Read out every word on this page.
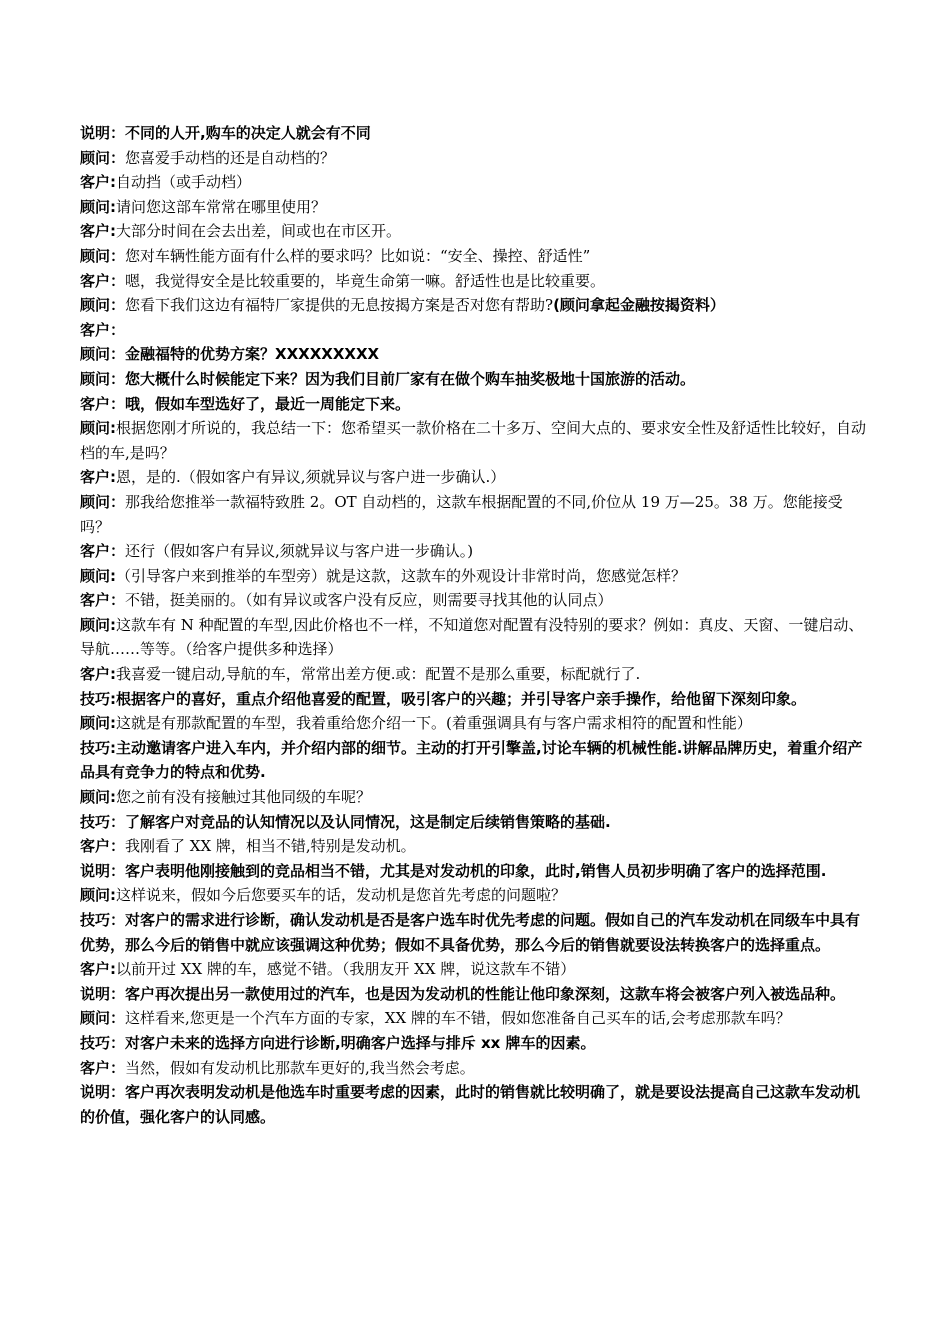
说明：不同的人开,购车的决定人就会有不同
顾问：您喜爱手动档的还是自动档的？
客户:自动挡（或手动档）
顾问:请问您这部车常常在哪里使用？
客户:大部分时间在会去出差，间或也在市区开。
顾问：您对车辆性能方面有什么样的要求吗？比如说：“安全、操控、舒适性”
客户：嗯，我觉得安全是比较重要的，毕竟生命第一嘛。舒适性也是比较重要。
顾问：您看下我们这边有福特厂家提供的无息按揭方案是否对您有帮助?(顾问拿起金融按揭资料）
客户：
顾问：金融福特的优势方案？XXXXXXXXX
顾问：您大概什么时候能定下来？因为我们目前厂家有在做个购车抽奖极地十国旅游的活动。
客户：哦，假如车型选好了，最近一周能定下来。
顾问:根据您刚才所说的，我总结一下：您希望买一款价格在二十多万、空间大点的、要求安全性及舒适性比较好，自动档的车,是吗？
客户:恩，是的.（假如客户有异议,须就异议与客户进一步确认.）
顾问：那我给您推举一款福特致胜 2。OT 自动档的，这款车根据配置的不同,价位从 19 万—25。38 万。您能接受吗？
客户：还行（假如客户有异议,须就异议与客户进一步确认。)
顾问:（引导客户来到推举的车型旁）就是这款，这款车的外观设计非常时尚，您感觉怎样？
客户：不错，挺美丽的。（如有异议或客户没有反应，则需要寻找其他的认同点）
顾问:这款车有 N 种配置的车型,因此价格也不一样，不知道您对配置有没特别的要求？例如：真皮、天窗、一键启动、导航……等等。（给客户提供多种选择）
客户:我喜爱一键启动,导航的车，常常出差方便.或：配置不是那么重要，标配就行了.
技巧:根据客户的喜好，重点介绍他喜爱的配置，吸引客户的兴趣；并引导客户亲手操作，给他留下深刻印象。
顾问:这就是有那款配置的车型，我着重给您介绍一下。(着重强调具有与客户需求相符的配置和性能）
技巧:主动邀请客户进入车内，并介绍内部的细节。主动的打开引擎盖,讨论车辆的机械性能.讲解品牌历史，着重介绍产品具有竞争力的特点和优势.
顾问:您之前有没有接触过其他同级的车呢？
技巧：了解客户对竞品的认知情况以及认同情况，这是制定后续销售策略的基础.
客户：我刚看了 XX 牌，相当不错,特别是发动机。
说明：客户表明他刚接触到的竞品相当不错，尤其是对发动机的印象，此时,销售人员初步明确了客户的选择范围.
顾问:这样说来，假如今后您要买车的话，发动机是您首先考虑的问题啦？
技巧：对客户的需求进行诊断，确认发动机是否是客户选车时优先考虑的问题。假如自己的汽车发动机在同级车中具有优势，那么今后的销售中就应该强调这种优势；假如不具备优势，那么今后的销售就要设法转换客户的选择重点。
客户:以前开过 XX 牌的车，感觉不错。（我朋友开 XX 牌，说这款车不错）
说明：客户再次提出另一款使用过的汽车，也是因为发动机的性能让他印象深刻，这款车将会被客户列入被选品种。
顾问：这样看来,您更是一个汽车方面的专家，XX 牌的车不错，假如您准备自己买车的话,会考虑那款车吗？
技巧：对客户未来的选择方向进行诊断,明确客户选择与排斥 xx 牌车的因素。
客户：当然，假如有发动机比那款车更好的,我当然会考虑。
说明：客户再次表明发动机是他选车时重要考虑的因素，此时的销售就比较明确了，就是要设法提高自己这款车发动机的价值，强化客户的认同感。
